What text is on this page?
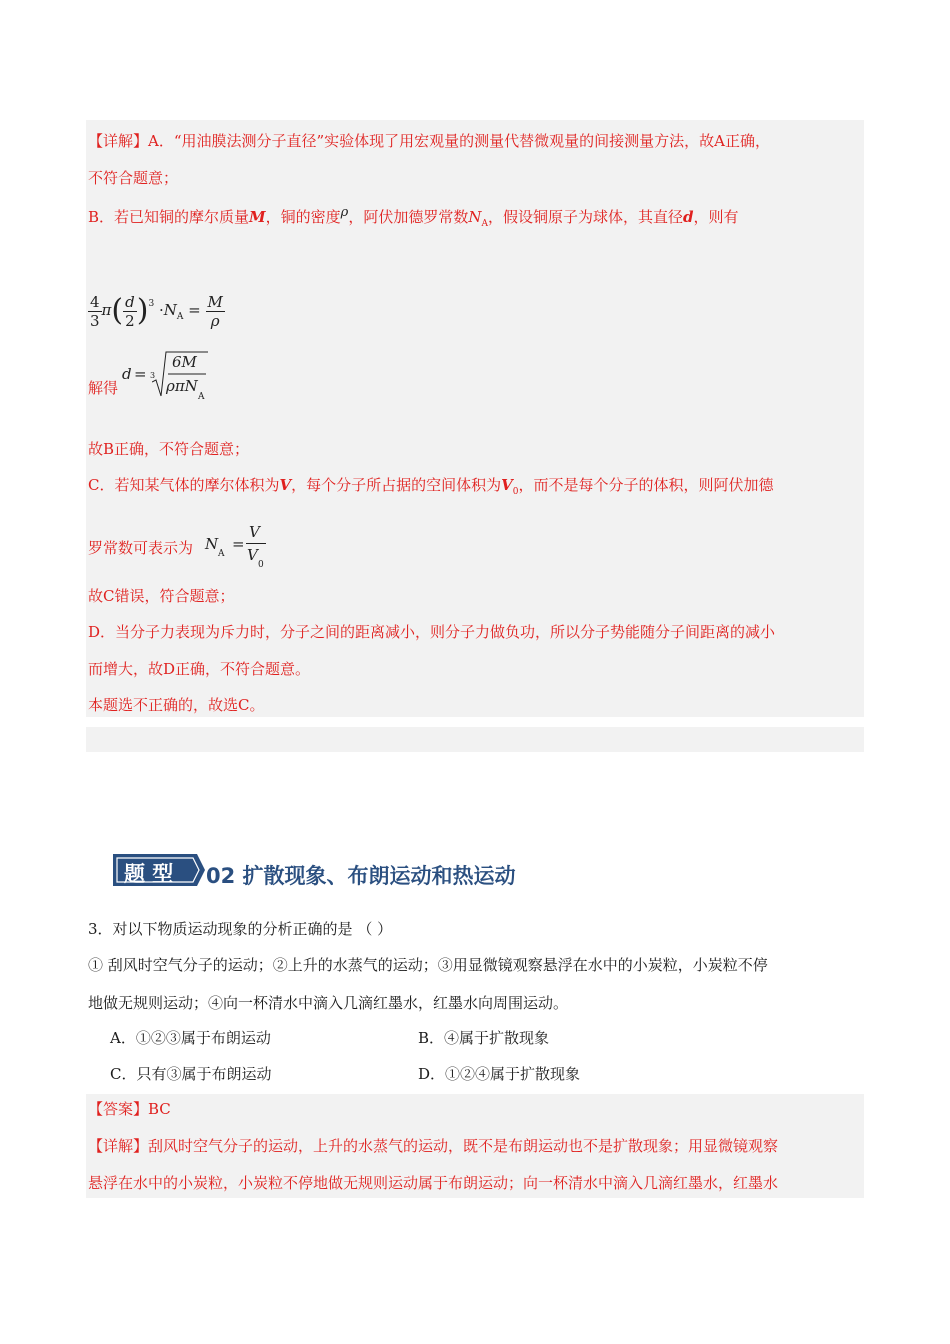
【详解】A．“用油膜法测分子直径”实验体现了用宏观量的测量代替微观量的间接测量方法，故A正确，
不符合题意；
B．若已知铜的摩尔质量M，铜的密度ρ，阿伏加德罗常数$N_A$，假设铜原子为球体，其直径d，则有
$\frac{4}{3} \pi( \frac{d}{2} )^3 \cdot N_A = \frac{M}{\rho}$
解得
d = 3
6M
ρπN
A
故B正确，不符合题意；
C．若知某气体的摩尔体积为V，每个分子所占据的空间体积为$V_0$，而不是每个分子的体积，则阿伏加德
罗常数可表示为 N
A
=
V
V
0
故C错误，符合题意；
D．当分子力表现为斥力时，分子之间的距离减小，则分子力做负功，所以分子势能随分子间距离的减小
而增大，故D正确，不符合题意。
本题选不正确的，故选C。
题 型 02 扩散现象、布朗运动和热运动
3．对以下物质运动现象的分析正确的是 （ ）
① 刮风时空气分子的运动；②上升的水蒸气的运动；③用显微镜观察悬浮在水中的小炭粒，小炭粒不停
地做无规则运动；④向一杯清水中滴入几滴红墨水，红墨水向周围运动。
A．①②③属于布朗运动	B．④属于扩散现象
C．只有③属于布朗运动	D．①②④属于扩散现象
【答案】BC
【详解】刮风时空气分子的运动，上升的水蒸气的运动，既不是布朗运动也不是扩散现象；用显微镜观察
悬浮在水中的小炭粒，小炭粒不停地做无规则运动属于布朗运动；向一杯清水中滴入几滴红墨水，红墨水
